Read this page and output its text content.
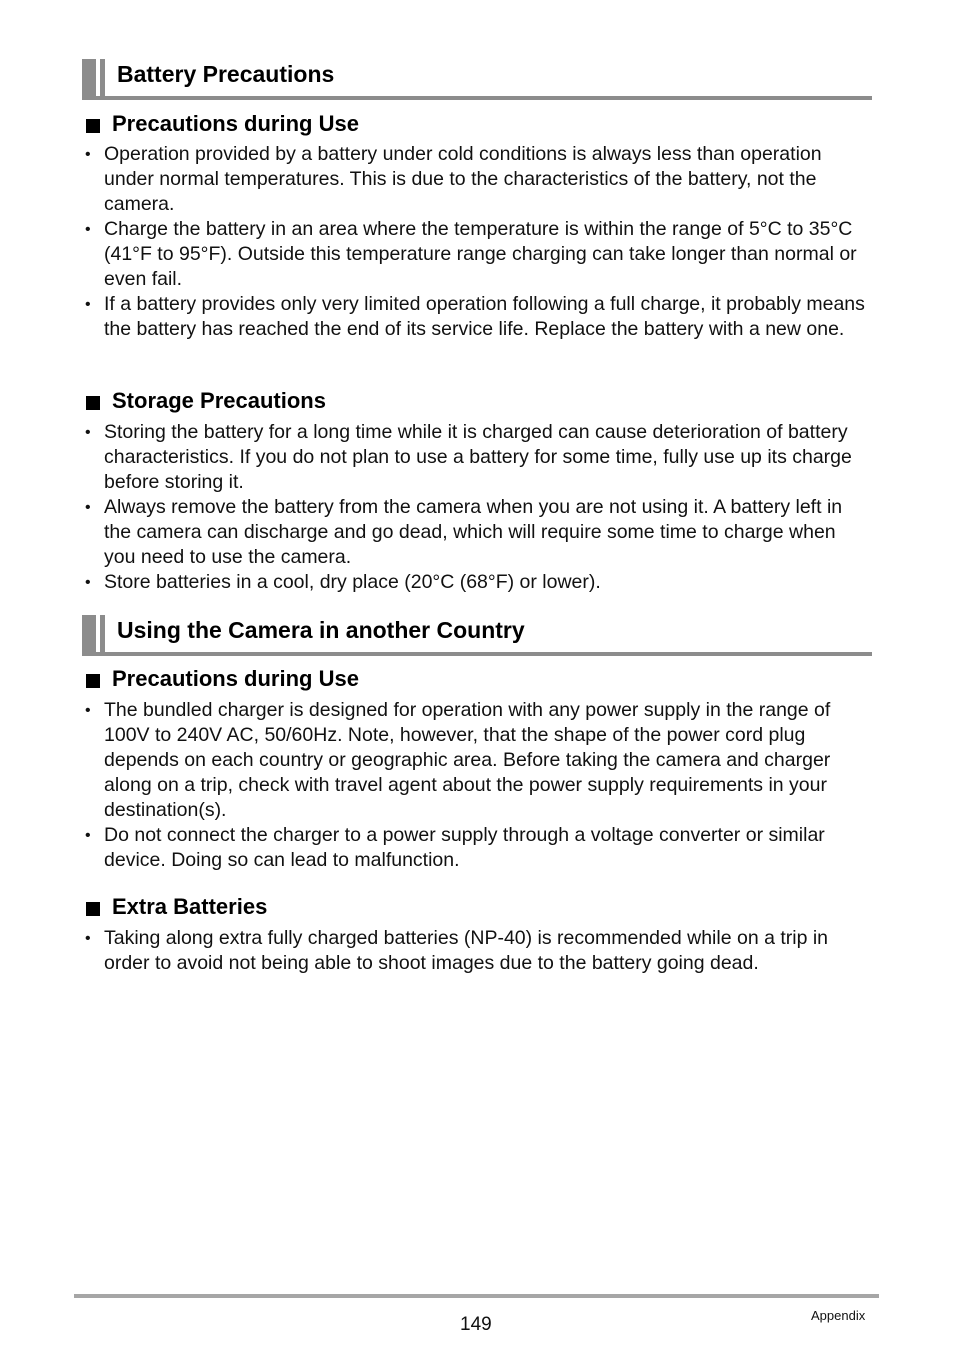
Battery Precautions
Precautions during Use
• Operation provided by a battery under cold conditions is always less than operation under normal temperatures. This is due to the characteristics of the battery, not the camera.
• Charge the battery in an area where the temperature is within the range of 5°C to 35°C (41°F to 95°F). Outside this temperature range charging can take longer than normal or even fail.
• If a battery provides only very limited operation following a full charge, it probably means the battery has reached the end of its service life. Replace the battery with a new one.
Storage Precautions
• Storing the battery for a long time while it is charged can cause deterioration of battery characteristics. If you do not plan to use a battery for some time, fully use up its charge before storing it.
• Always remove the battery from the camera when you are not using it. A battery left in the camera can discharge and go dead, which will require some time to charge when you need to use the camera.
• Store batteries in a cool, dry place (20°C (68°F) or lower).
Using the Camera in another Country
Precautions during Use
• The bundled charger is designed for operation with any power supply in the range of 100V to 240V AC, 50/60Hz. Note, however, that the shape of the power cord plug depends on each country or geographic area. Before taking the camera and charger along on a trip, check with travel agent about the power supply requirements in your destination(s).
• Do not connect the charger to a power supply through a voltage converter or similar device. Doing so can lead to malfunction.
Extra Batteries
• Taking along extra fully charged batteries (NP-40) is recommended while on a trip in order to avoid not being able to shoot images due to the battery going dead.
149	Appendix
